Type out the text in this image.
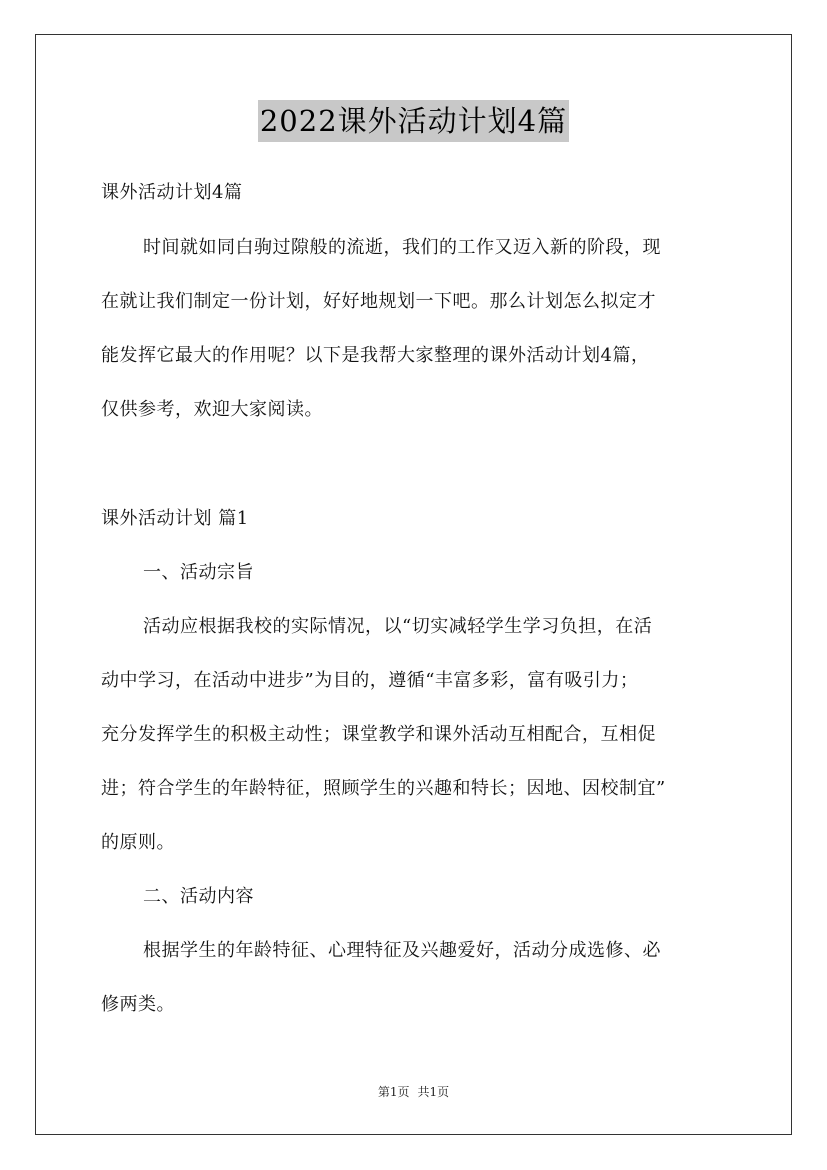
2022课外活动计划4篇
课外活动计划4篇
时间就如同白驹过隙般的流逝，我们的工作又迈入新的阶段，现
在就让我们制定一份计划，好好地规划一下吧。那么计划怎么拟定才
能发挥它最大的作用呢？以下是我帮大家整理的课外活动计划4篇，
仅供参考，欢迎大家阅读。
课外活动计划 篇1
一、活动宗旨
活动应根据我校的实际情况，以“切实减轻学生学习负担，在活
动中学习，在活动中进步”为目的，遵循“丰富多彩，富有吸引力；
充分发挥学生的积极主动性；课堂教学和课外活动互相配合，互相促
进；符合学生的年龄特征，照顾学生的兴趣和特长；因地、因校制宜”
的原则。
二、活动内容
根据学生的年龄特征、心理特征及兴趣爱好，活动分成选修、必
修两类。
第1页 共1页
